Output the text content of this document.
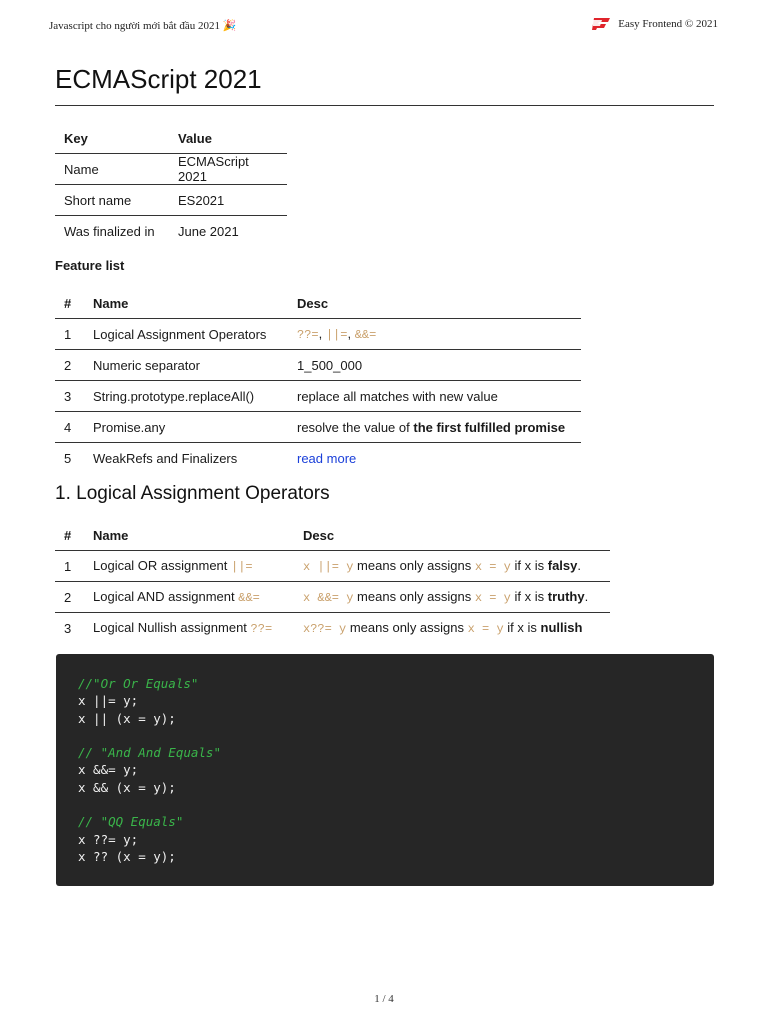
Javascript cho người mới bắt đầu 2021 🎉	Easy Frontend © 2021
ECMAScript 2021
Key	Value
Name	ECMAScript 2021
Short name	ES2021
Was finalized in	June 2021
Feature list
#	Name	Desc
1	Logical Assignment Operators	??=, ||=, &&=
2	Numeric separator	1_500_000
3	String.prototype.replaceAll()	replace all matches with new value
4	Promise.any	resolve the value of the first fulfilled promise
5	WeakRefs and Finalizers	read more
1. Logical Assignment Operators
#	Name	Desc
1	Logical OR assignment ||=	x ||= y means only assigns x = y if x is falsy.
2	Logical AND assignment &&=	x &&= y means only assigns x = y if x is truthy.
3	Logical Nullish assignment ??=	x??= y means only assigns x = y if x is nullish
//"Or Or Equals"
x ||= y;
x || (x = y);
// "And And Equals"
x &&= y;
x && (x = y);
// "QQ Equals"
x ??= y;
x ?? (x = y);
1 / 4
